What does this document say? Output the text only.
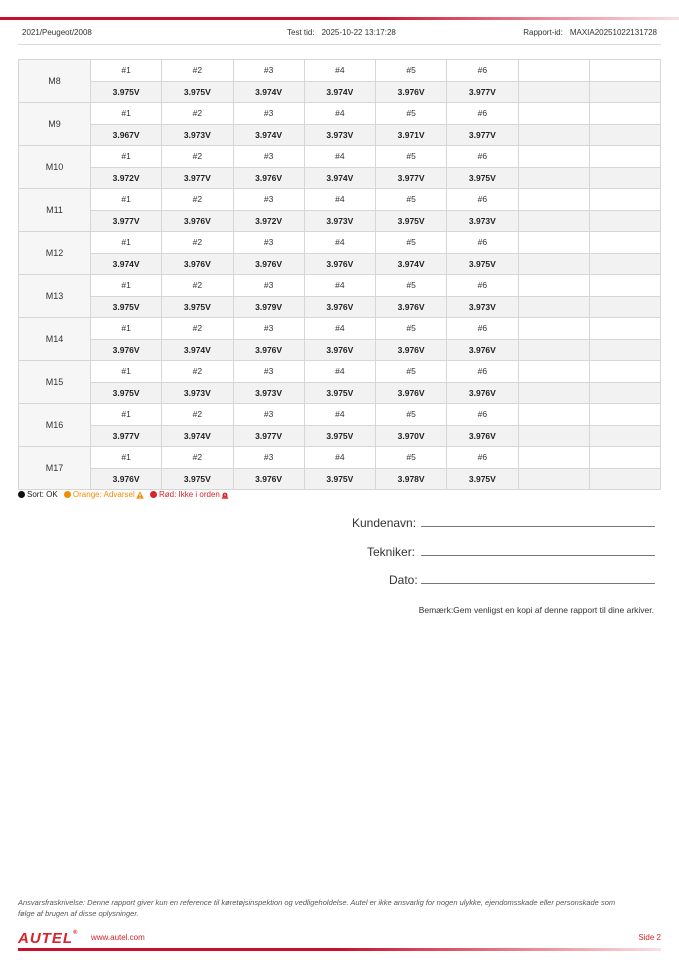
2021/Peugeot/2008	Test tid: 2025-10-22 13:17:28	Rapport-id: MAXIA20251022131728
M8	#1	#2	#3	#4	#5	#6		
	3.975V	3.975V	3.974V	3.974V	3.976V	3.977V		
M9	#1	#2	#3	#4	#5	#6		
	3.967V	3.973V	3.974V	3.973V	3.971V	3.977V		
M10	#1	#2	#3	#4	#5	#6		
	3.972V	3.977V	3.976V	3.974V	3.977V	3.975V		
M11	#1	#2	#3	#4	#5	#6		
	3.977V	3.976V	3.972V	3.973V	3.975V	3.973V		
M12	#1	#2	#3	#4	#5	#6		
	3.974V	3.976V	3.976V	3.976V	3.974V	3.975V		
M13	#1	#2	#3	#4	#5	#6		
	3.975V	3.975V	3.979V	3.976V	3.976V	3.973V		
M14	#1	#2	#3	#4	#5	#6		
	3.976V	3.974V	3.976V	3.976V	3.976V	3.976V		
M15	#1	#2	#3	#4	#5	#6		
	3.975V	3.973V	3.973V	3.975V	3.976V	3.976V		
M16	#1	#2	#3	#4	#5	#6		
	3.977V	3.974V	3.977V	3.975V	3.970V	3.976V		
M17	#1	#2	#3	#4	#5	#6		
	3.976V	3.975V	3.976V	3.975V	3.978V	3.975V		
Sort: OK
Orange: Advarsel
	Rød: Ikke i orden
Kundenavn:
Tekniker:
Dato:
Bemærk:Gem venligst en kopi af denne rapport til dine arkiver.
Ansvarsfraskrivelse: Denne rapport giver kun en reference til køretøjsinspektion og vedligeholdelse. Autel er ikke ansvarlig for nogen ulykke, ejendomsskade eller personskade som følge af brugen af disse oplysninger.
AUTEL® www.autel.com	Side 2
